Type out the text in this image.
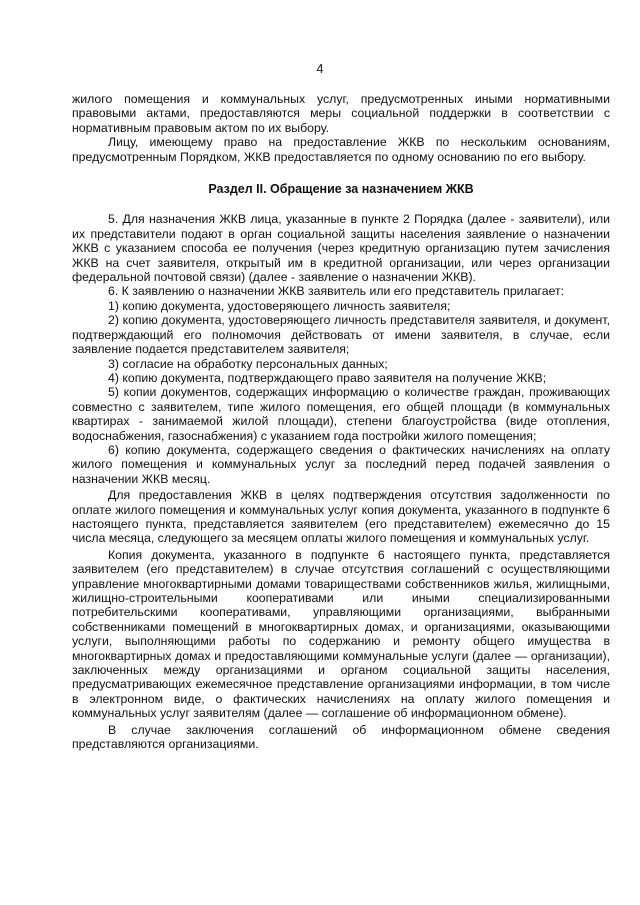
4

жилого помещения и коммунальных услуг, предусмотренных иными нормативными правовыми актами, предоставляются меры социальной поддержки в соответствии с нормативным правовым актом по их выбору.

Лицу, имеющему право на предоставление ЖКВ по нескольким основаниям, предусмотренным Порядком, ЖКВ предоставляется по одному основанию по его выбору.

Раздел II. Обращение за назначением ЖКВ

5. Для назначения ЖКВ лица, указанные в пункте 2 Порядка (далее - заявители), или их представители подают в орган социальной защиты населения заявление о назначении ЖКВ с указанием способа ее получения (через кредитную организацию путем зачисления ЖКВ на счет заявителя, открытый им в кредитной организации, или через организации федеральной почтовой связи) (далее - заявление о назначении ЖКВ).

6. К заявлению о назначении ЖКВ заявитель или его представитель прилагает:

1) копию документа, удостоверяющего личность заявителя;

2) копию документа, удостоверяющего личность представителя заявителя, и документ, подтверждающий его полномочия действовать от имени заявителя, в случае, если заявление подается представителем заявителя;

3) согласие на обработку персональных данных;

4) копию документа, подтверждающего право заявителя на получение ЖКВ;

5) копии документов, содержащих информацию о количестве граждан, проживающих совместно с заявителем, типе жилого помещения, его общей площади (в коммунальных квартирах - занимаемой жилой площади), степени благоустройства (виде отопления, водоснабжения, газоснабжения) с указанием года постройки жилого помещения;

6) копию документа, содержащего сведения о фактических начислениях на оплату жилого помещения и коммунальных услуг за последний перед подачей заявления о назначении ЖКВ месяц.

Для предоставления ЖКВ в целях подтверждения отсутствия задолженности по оплате жилого помещения и коммунальных услуг копия документа, указанного в подпункте 6 настоящего пункта, представляется заявителем (его представителем) ежемесячно до 15 числа месяца, следующего за месяцем оплаты жилого помещения и коммунальных услуг.

Копия документа, указанного в подпункте 6 настоящего пункта, представляется заявителем (его представителем) в случае отсутствия соглашений с осуществляющими управление многоквартирными домами товариществами собственников жилья, жилищными, жилищно-строительными кооперативами или иными специализированными потребительскими кооперативами, управляющими организациями, выбранными собственниками помещений в многоквартирных домах, и организациями, оказывающими услуги, выполняющими работы по содержанию и ремонту общего имущества в многоквартирных домах и предоставляющими коммунальные услуги (далее — организации), заключенных между организациями и органом социальной защиты населения, предусматривающих ежемесячное представление организациями информации, в том числе в электронном виде, о фактических начислениях на оплату жилого помещения и коммунальных услуг заявителям (далее — соглашение об информационном обмене).

В случае заключения соглашений об информационном обмене сведения представляются организациями.
